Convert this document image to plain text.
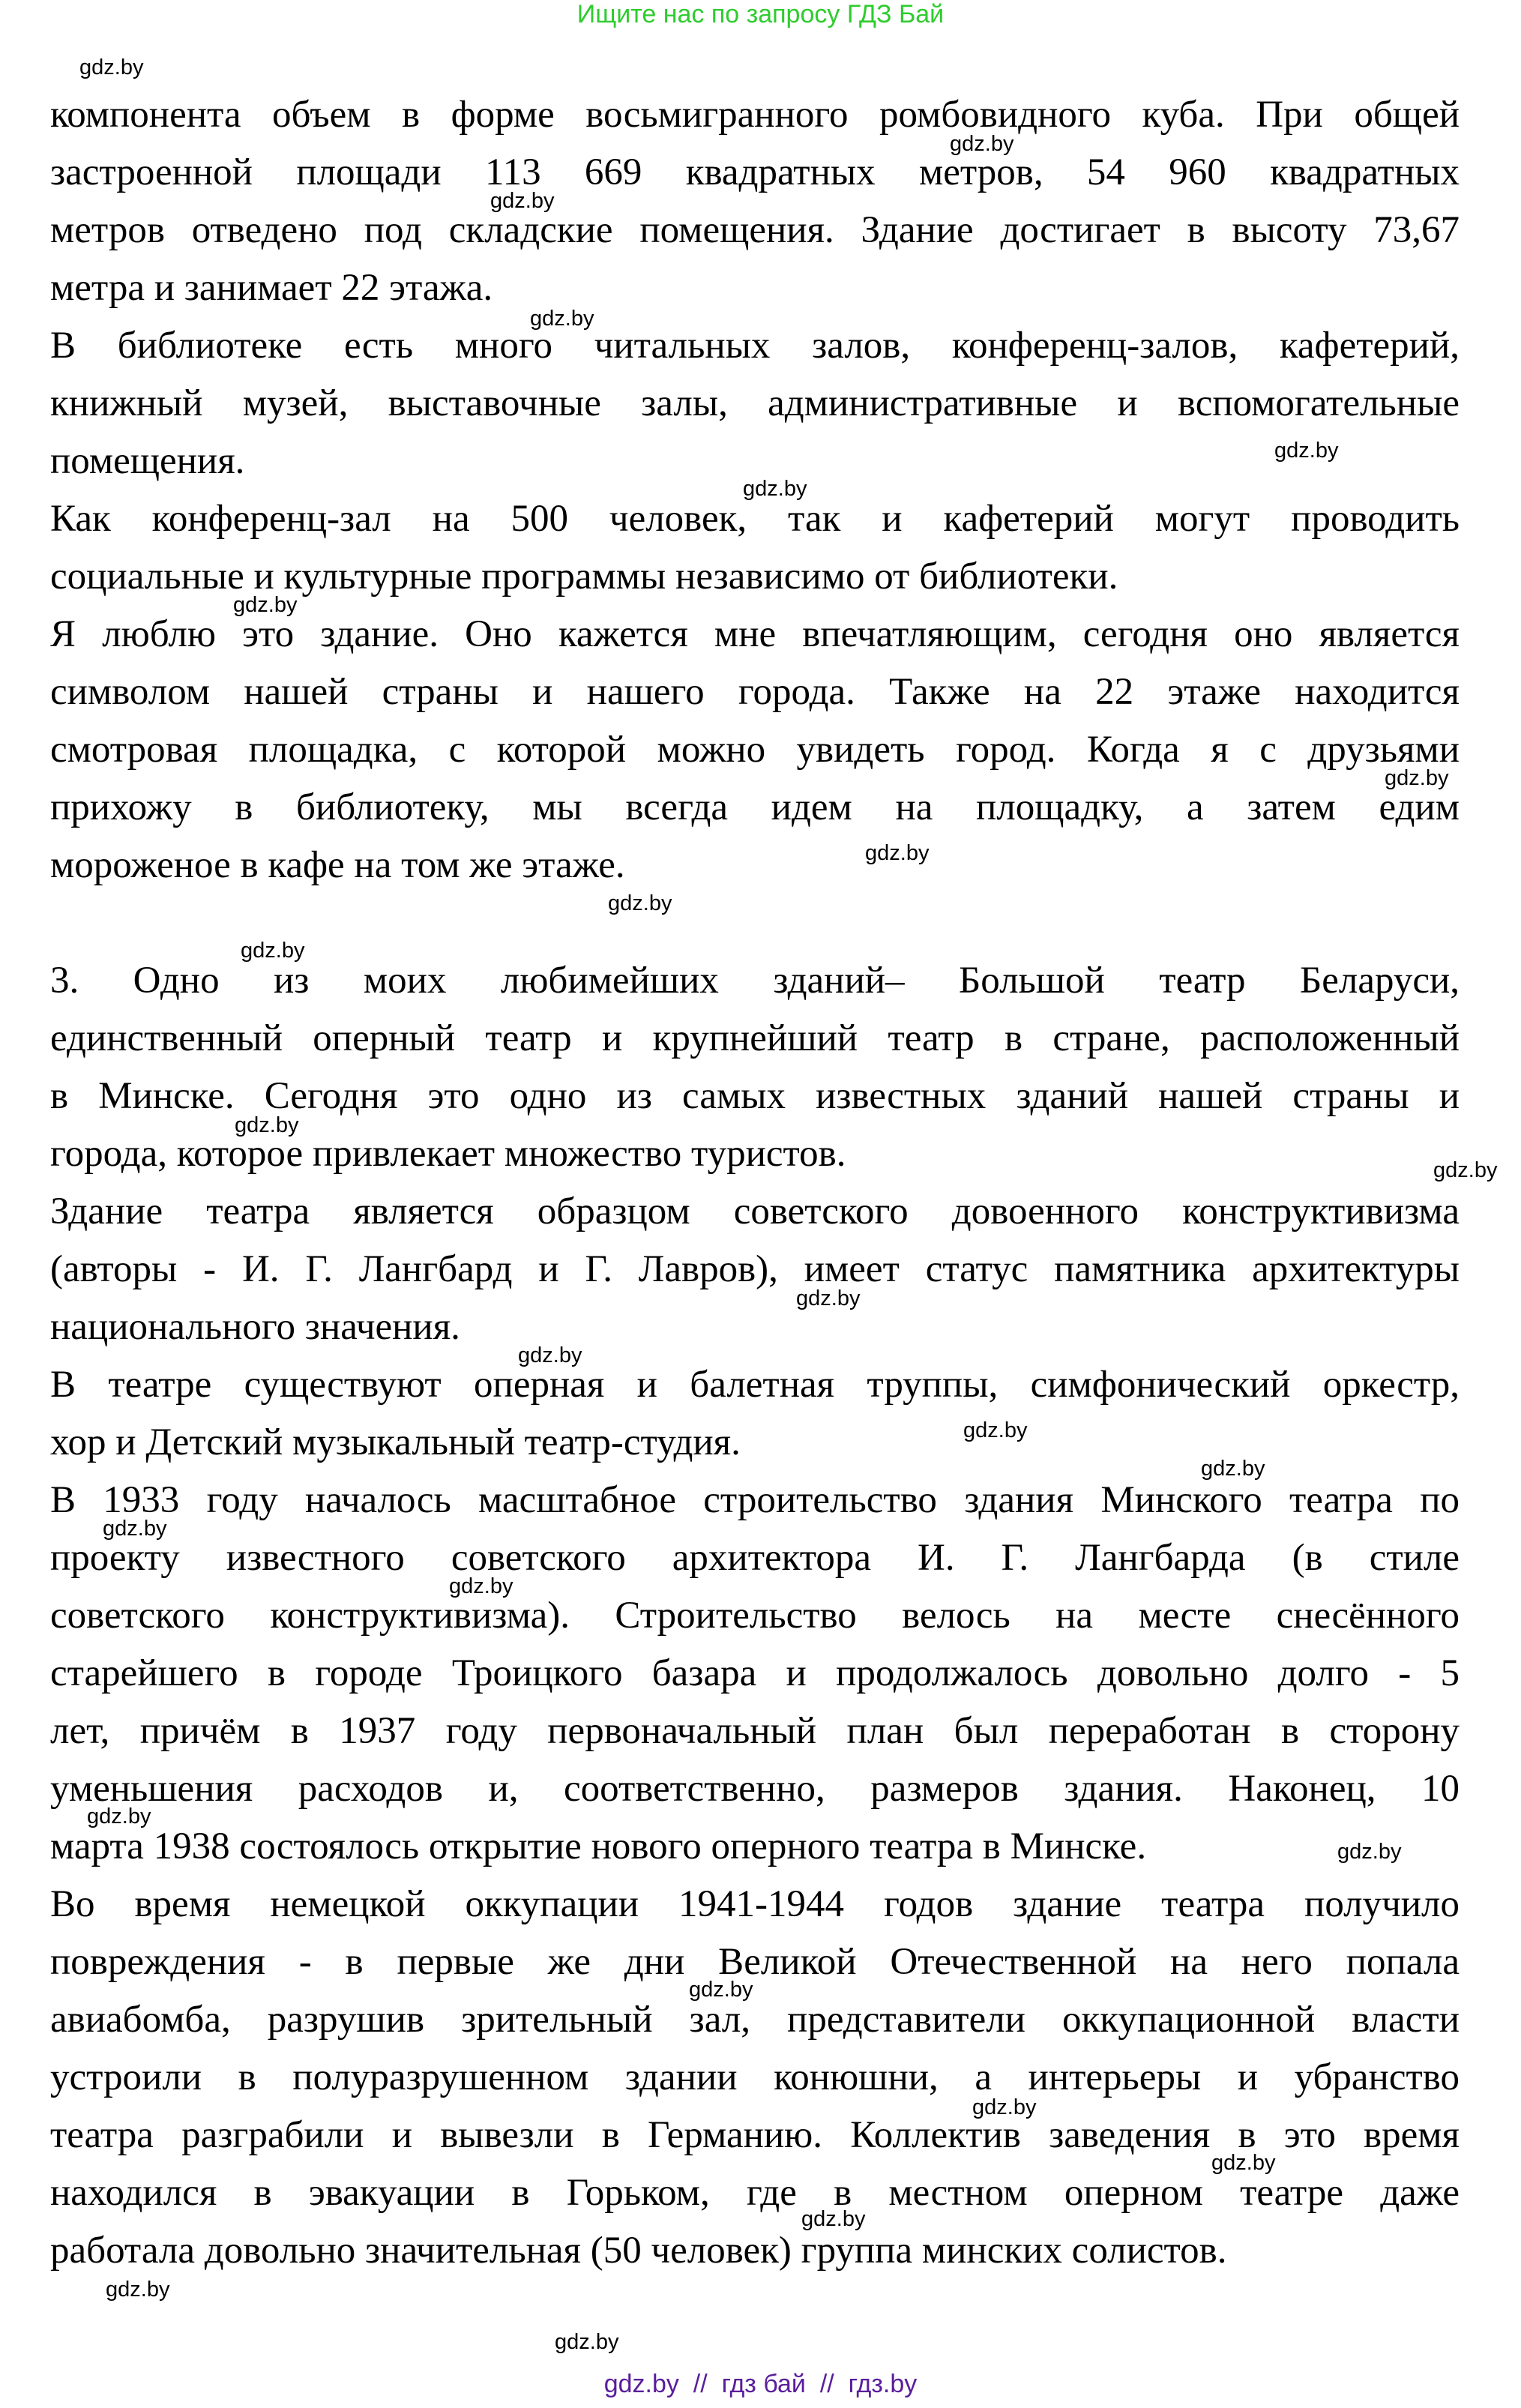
Ищите нас по запросу ГДЗ Бай
компонента объем в форме восьмигранного ромбовидного куба. При общей
застроенной площади 113 669 квадратных метров, 54 960 квадратных
метров отведено под складские помещения. Здание достигает в высоту 73,67
метра и занимает 22 этажа.
В библиотеке есть много читальных залов, конференц-залов, кафетерий,
книжный музей, выставочные залы, административные и вспомогательные
помещения.
Как конференц-зал на 500 человек, так и кафетерий могут проводить
социальные и культурные программы независимо от библиотеки.
Я люблю это здание. Оно кажется мне впечатляющим, сегодня оно является
символом нашей страны и нашего города. Также на 22 этаже находится
смотровая площадка, с которой можно увидеть город. Когда я с друзьями
прихожу в библиотеку, мы всегда идем на площадку, а затем едим
мороженое в кафе на том же этаже.
3. Одно из моих любимейших зданий– Большой театр Беларуси,
единственный оперный театр и крупнейший театр в стране, расположенный
в Минске. Сегодня это одно из самых известных зданий нашей страны и
города, которое привлекает множество туристов.
Здание театра является образцом советского довоенного конструктивизма
(авторы - И. Г. Лангбард и Г. Лавров), имеет статус памятника архитектуры
национального значения.
В театре существуют оперная и балетная труппы, симфонический оркестр,
хор и Детский музыкальный театр-студия.
В 1933 году началось масштабное строительство здания Минского театра по
проекту известного советского архитектора И. Г. Лангбарда (в стиле
советского конструктивизма). Строительство велось на месте снесённого
старейшего в городе Троицкого базара и продолжалось довольно долго - 5
лет, причём в 1937 году первоначальный план был переработан в сторону
уменьшения расходов и, соответственно, размеров здания. Наконец, 10
марта 1938 состоялось открытие нового оперного театра в Минске.
Во время немецкой оккупации 1941-1944 годов здание театра получило
повреждения - в первые же дни Великой Отечественной на него попала
авиабомба, разрушив зрительный зал, представители оккупационной власти
устроили в полуразрушенном здании конюшни, а интерьеры и убранство
театра разграбили и вывезли в Германию. Коллектив заведения в это время
находился в эвакуации в Горьком, где в местном оперном театре даже
работала довольно значительная (50 человек) группа минских солистов.
gdz.by
gdz.by
gdz.by
gdz.by
gdz.by
gdz.by
gdz.by
gdz.by
gdz.by
gdz.by
gdz.by
gdz.by
gdz.by
gdz.by
gdz.by
gdz.by
gdz.by
gdz.by
gdz.by
gdz.by
gdz.by
gdz.by
gdz.by
gdz.by
gdz.by
gdz.by
gdz.by
gdz.by  //  гдз бай  //  гдз.by
